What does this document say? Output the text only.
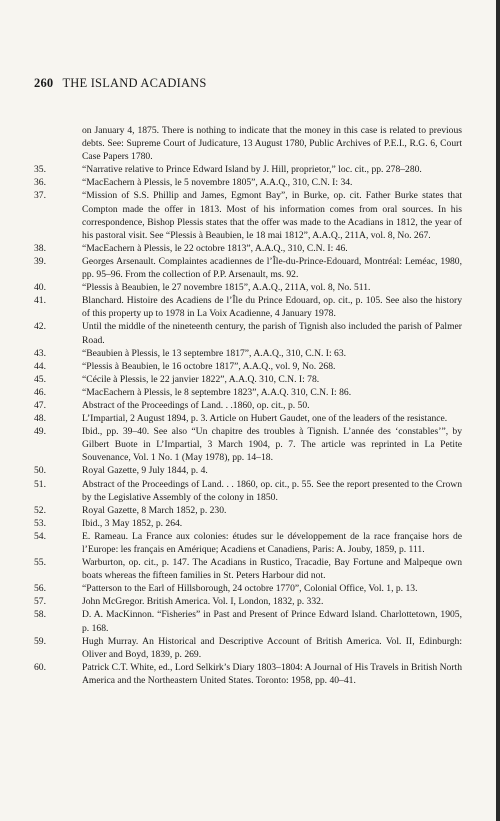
260 THE ISLAND ACADIANS
on January 4, 1875. There is nothing to indicate that the money in this case is related to previous debts. See: Supreme Court of Judicature, 13 August 1780, Public Archives of P.E.I., R.G. 6, Court Case Papers 1780.
35.	“Narrative relative to Prince Edward Island by J. Hill, proprietor,” loc. cit., pp. 278–280.
36.	“MacEachern à Plessis, le 5 novembre 1805”, A.A.Q., 310, C.N. I: 34.
37.	“Mission of S.S. Phillip and James, Egmont Bay”, in Burke, op. cit. Father Burke states that Compton made the offer in 1813. Most of his information comes from oral sources. In his correspondence, Bishop Plessis states that the offer was made to the Acadians in 1812, the year of his pastoral visit. See “Plessis à Beaubien, le 18 mai 1812”, A.A.Q., 211A, vol. 8, No. 267.
38.	“MacEachern à Plessis, le 22 octobre 1813”, A.A.Q., 310, C.N. I: 46.
39.	Georges Arsenault. Complaintes acadiennes de l’Île-du-Prince-Edouard, Montréal: Leméac, 1980, pp. 95–96. From the collection of P.P. Arsenault, ms. 92.
40.	“Plessis à Beaubien, le 27 novembre 1815”, A.A.Q., 211A, vol. 8, No. 511.
41.	Blanchard. Histoire des Acadiens de l’Île du Prince Edouard, op. cit., p. 105. See also the history of this property up to 1978 in La Voix Acadienne, 4 January 1978.
42.	Until the middle of the nineteenth century, the parish of Tignish also included the parish of Palmer Road.
43.	“Beaubien à Plessis, le 13 septembre 1817”, A.A.Q., 310, C.N. I: 63.
44.	“Plessis à Beaubien, le 16 octobre 1817”, A.A.Q., vol. 9, No. 268.
45.	“Cécile à Plessis, le 22 janvier 1822”, A.A.Q. 310, C.N. I: 78.
46.	“MacEachern à Plessis, le 8 septembre 1823”, A.A.Q. 310, C.N. I: 86.
47.	Abstract of the Proceedings of Land. . .1860, op. cit., p. 50.
48.	L’Impartial, 2 August 1894, p. 3. Article on Hubert Gaudet, one of the leaders of the resistance.
49.	Ibid., pp. 39–40. See also “Un chapitre des troubles à Tignish. L’année des ‘constables’”, by Gilbert Buote in L’Impartial, 3 March 1904, p. 7. The article was reprinted in La Petite Souvenance, Vol. 1 No. 1 (May 1978), pp. 14–18.
50.	Royal Gazette, 9 July 1844, p. 4.
51.	Abstract of the Proceedings of Land. . . 1860, op. cit., p. 55. See the report presented to the Crown by the Legislative Assembly of the colony in 1850.
52.	Royal Gazette, 8 March 1852, p. 230.
53.	Ibid., 3 May 1852, p. 264.
54.	E. Rameau. La France aux colonies: études sur le développement de la race française hors de l’Europe: les français en Amérique; Acadiens et Canadiens, Paris: A. Jouby, 1859, p. 111.
55.	Warburton, op. cit., p. 147. The Acadians in Rustico, Tracadie, Bay Fortune and Malpeque own boats whereas the fifteen families in St. Peters Harbour did not.
56.	“Patterson to the Earl of Hillsborough, 24 octobre 1770”, Colonial Office, Vol. 1, p. 13.
57.	John McGregor. British America. Vol. I, London, 1832, p. 332.
58.	D. A. MacKinnon. “Fisheries” in Past and Present of Prince Edward Island. Charlottetown, 1905, p. 168.
59.	Hugh Murray. An Historical and Descriptive Account of British America. Vol. II, Edinburgh: Oliver and Boyd, 1839, p. 269.
60.	Patrick C.T. White, ed., Lord Selkirk’s Diary 1803–1804: A Journal of His Travels in British North America and the Northeastern United States. Toronto: 1958, pp. 40–41.
